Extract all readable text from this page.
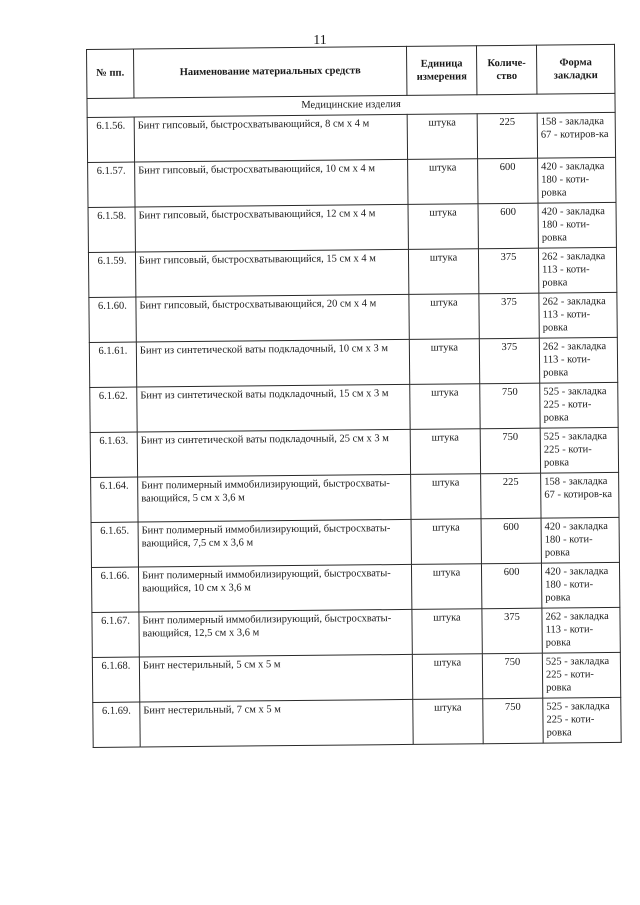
11
№ пп.	Наименование материальных средств	Единица измерения	Количе- ство	Форма закладки
Медицинские изделия				
6.1.56.	Бинт гипсовый, быстросхватывающийся, 8 см х 4 м	штука	225	158 - закладка 67 - котиров-ка
6.1.57.	Бинт гипсовый, быстросхватывающийся, 10 см х 4 м	штука	600	420 - закладка 180 - коти-ровка
6.1.58.	Бинт гипсовый, быстросхватывающийся, 12 см х 4 м	штука	600	420 - закладка 180 - коти-ровка
6.1.59.	Бинт гипсовый, быстросхватывающийся, 15 см х 4 м	штука	375	262 - закладка 113 - коти-ровка
6.1.60.	Бинт гипсовый, быстросхватывающийся, 20 см х 4 м	штука	375	262 - закладка 113 - коти-ровка
6.1.61.	Бинт из синтетической ваты подкладочный, 10 см х 3 м	штука	375	262 - закладка 113 - коти-ровка
6.1.62.	Бинт из синтетической ваты подкладочный, 15 см х 3 м	штука	750	525 - закладка 225 - коти-ровка
6.1.63.	Бинт из синтетической ваты подкладочный, 25 см х 3 м	штука	750	525 - закладка 225 - коти-ровка
6.1.64.	Бинт полимерный иммобилизирующий, быстросхваты-вающийся, 5 см х 3,6 м	штука	225	158 - закладка 67 - котиров-ка
6.1.65.	Бинт полимерный иммобилизирующий, быстросхваты-вающийся, 7,5 см х 3,6 м	штука	600	420 - закладка 180 - коти-ровка
6.1.66.	Бинт полимерный иммобилизирующий, быстросхваты-вающийся, 10 см х 3,6 м	штука	600	420 - закладка 180 - коти-ровка
6.1.67.	Бинт полимерный иммобилизирующий, быстросхваты-вающийся, 12,5 см х 3,6 м	штука	375	262 - закладка 113 - коти-ровка
6.1.68.	Бинт нестерильный, 5 см х 5 м	штука	750	525 - закладка 225 - коти-ровка
6.1.69.	Бинт нестерильный, 7 см х 5 м	штука	750	525 - закладка 225 - коти-ровка
